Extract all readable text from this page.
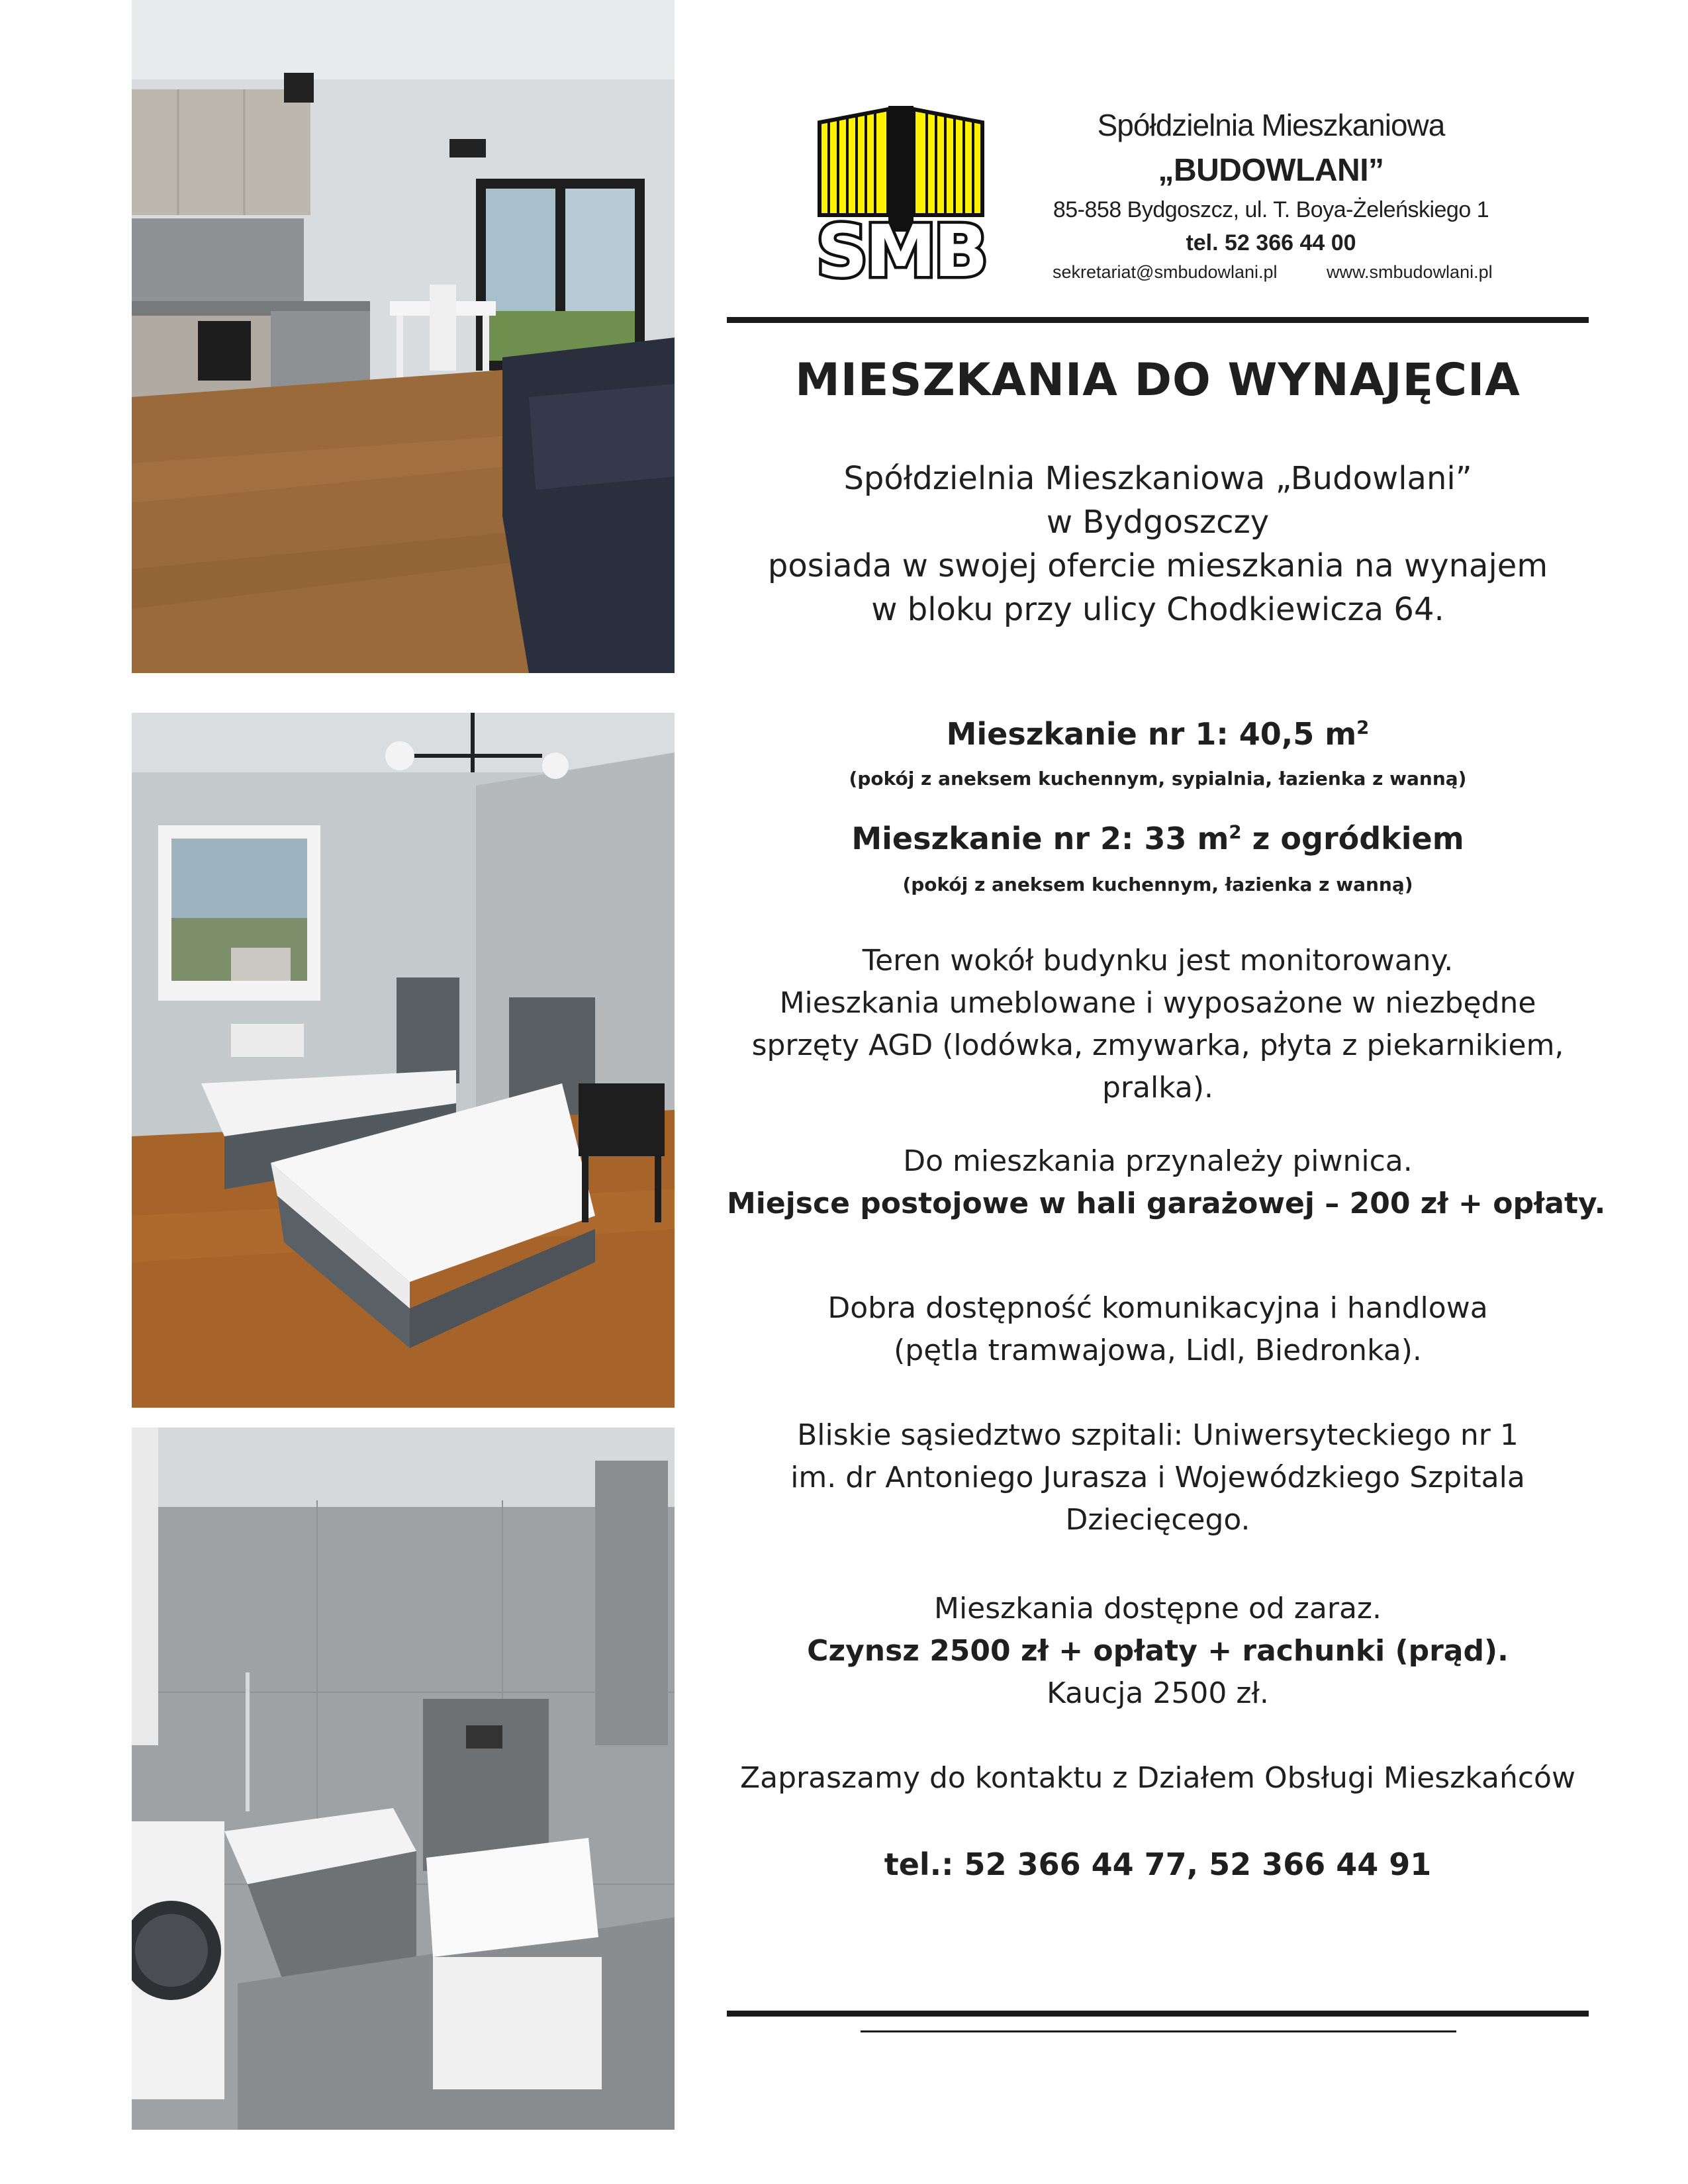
SMB
Spółdzielnia Mieszkaniowa
„BUDOWLANI”
85-858 Bydgoszcz, ul. T. Boya-Żeleńskiego 1
tel. 52 366 44 00
sekretariat@smbudowlani.pl	www.smbudowlani.pl
MIESZKANIA DO WYNAJĘCIA
Spółdzielnia Mieszkaniowa „Budowlani”
w Bydgoszczy
posiada w swojej ofercie mieszkania na wynajem
w bloku przy ulicy Chodkiewicza 64.
Mieszkanie nr 1: 40,5 $m^2$
(pokój z aneksem kuchennym, sypialnia, łazienka z wanną)
Mieszkanie nr 2: 33 $m^2$ z ogródkiem
(pokój z aneksem kuchennym, łazienka z wanną)
Teren wokół budynku jest monitorowany.
Mieszkania umeblowane i wyposażone w niezbędne
sprzęty AGD (lodówka, zmywarka, płyta z piekarnikiem,
pralka).
Do mieszkania przynależy piwnica.
Miejsce postojowe w hali garażowej – 200 zł + opłaty.
Dobra dostępność komunikacyjna i handlowa
(pętla tramwajowa, Lidl, Biedronka).
Bliskie sąsiedztwo szpitali: Uniwersyteckiego nr 1
im. dr Antoniego Jurasza i Wojewódzkiego Szpitala
Dziecięcego.
Mieszkania dostępne od zaraz.
Czynsz 2500 zł + opłaty + rachunki (prąd).
Kaucja 2500 zł.
Zapraszamy do kontaktu z Działem Obsługi Mieszkańców
tel.: 52 366 44 77, 52 366 44 91
